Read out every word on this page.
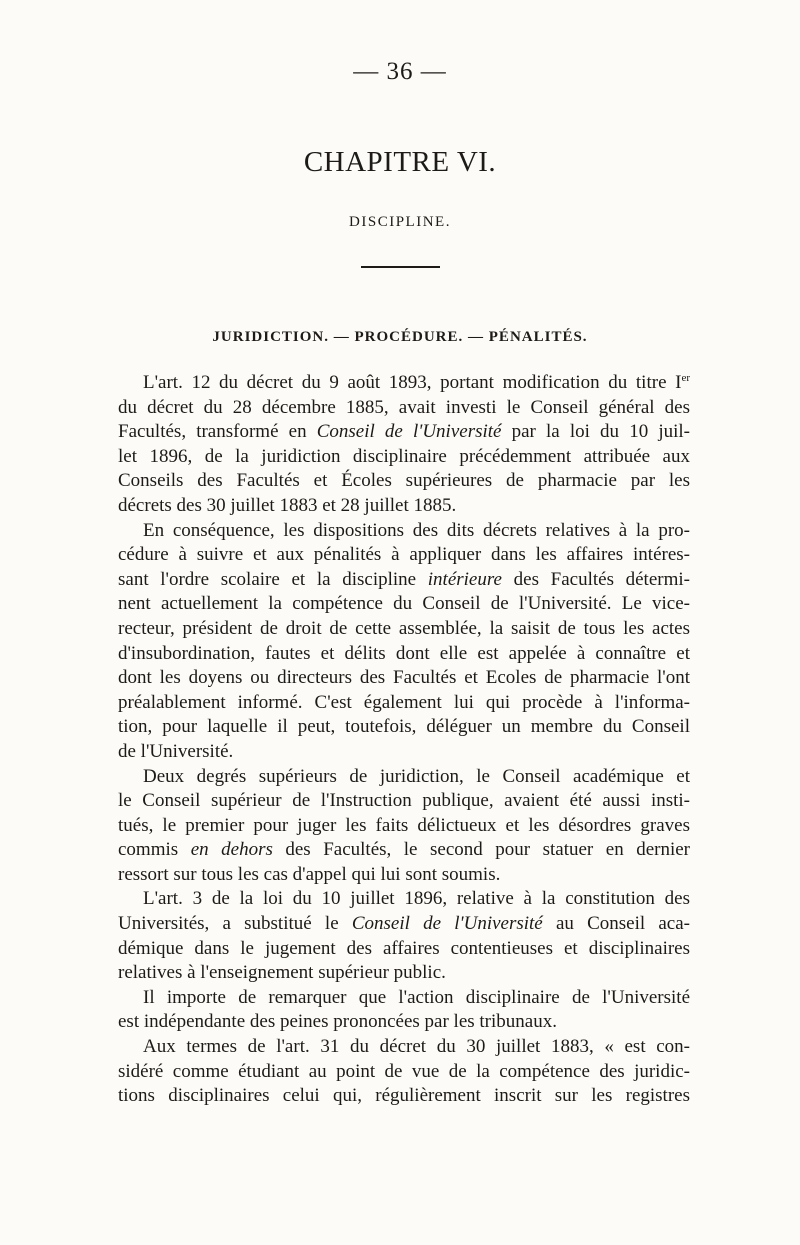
— 36 —
CHAPITRE VI.
DISCIPLINE.
JURIDICTION. — PROCÉDURE. — PÉNALITÉS.
L'art. 12 du décret du 9 août 1893, portant modification du titre Ier
du décret du 28 décembre 1885, avait investi le Conseil général des
Facultés, transformé en Conseil de l'Université par la loi du 10 juil-
let 1896, de la juridiction disciplinaire précédemment attribuée aux
Conseils des Facultés et Écoles supérieures de pharmacie par les
décrets des 30 juillet 1883 et 28 juillet 1885.
En conséquence, les dispositions des dits décrets relatives à la pro-
cédure à suivre et aux pénalités à appliquer dans les affaires intéres-
sant l'ordre scolaire et la discipline intérieure des Facultés détermi-
nent actuellement la compétence du Conseil de l'Université. Le vice-
recteur, président de droit de cette assemblée, la saisit de tous les actes
d'insubordination, fautes et délits dont elle est appelée à connaître et
dont les doyens ou directeurs des Facultés et Ecoles de pharmacie l'ont
préalablement informé. C'est également lui qui procède à l'informa-
tion, pour laquelle il peut, toutefois, déléguer un membre du Conseil
de l'Université.
Deux degrés supérieurs de juridiction, le Conseil académique et
le Conseil supérieur de l'Instruction publique, avaient été aussi insti-
tués, le premier pour juger les faits délictueux et les désordres graves
commis en dehors des Facultés, le second pour statuer en dernier
ressort sur tous les cas d'appel qui lui sont soumis.
L'art. 3 de la loi du 10 juillet 1896, relative à la constitution des
Universités, a substitué le Conseil de l'Université au Conseil aca-
démique dans le jugement des affaires contentieuses et disciplinaires
relatives à l'enseignement supérieur public.
Il importe de remarquer que l'action disciplinaire de l'Université
est indépendante des peines prononcées par les tribunaux.
Aux termes de l'art. 31 du décret du 30 juillet 1883, « est con-
sidéré comme étudiant au point de vue de la compétence des juridic-
tions disciplinaires celui qui, régulièrement inscrit sur les registres
